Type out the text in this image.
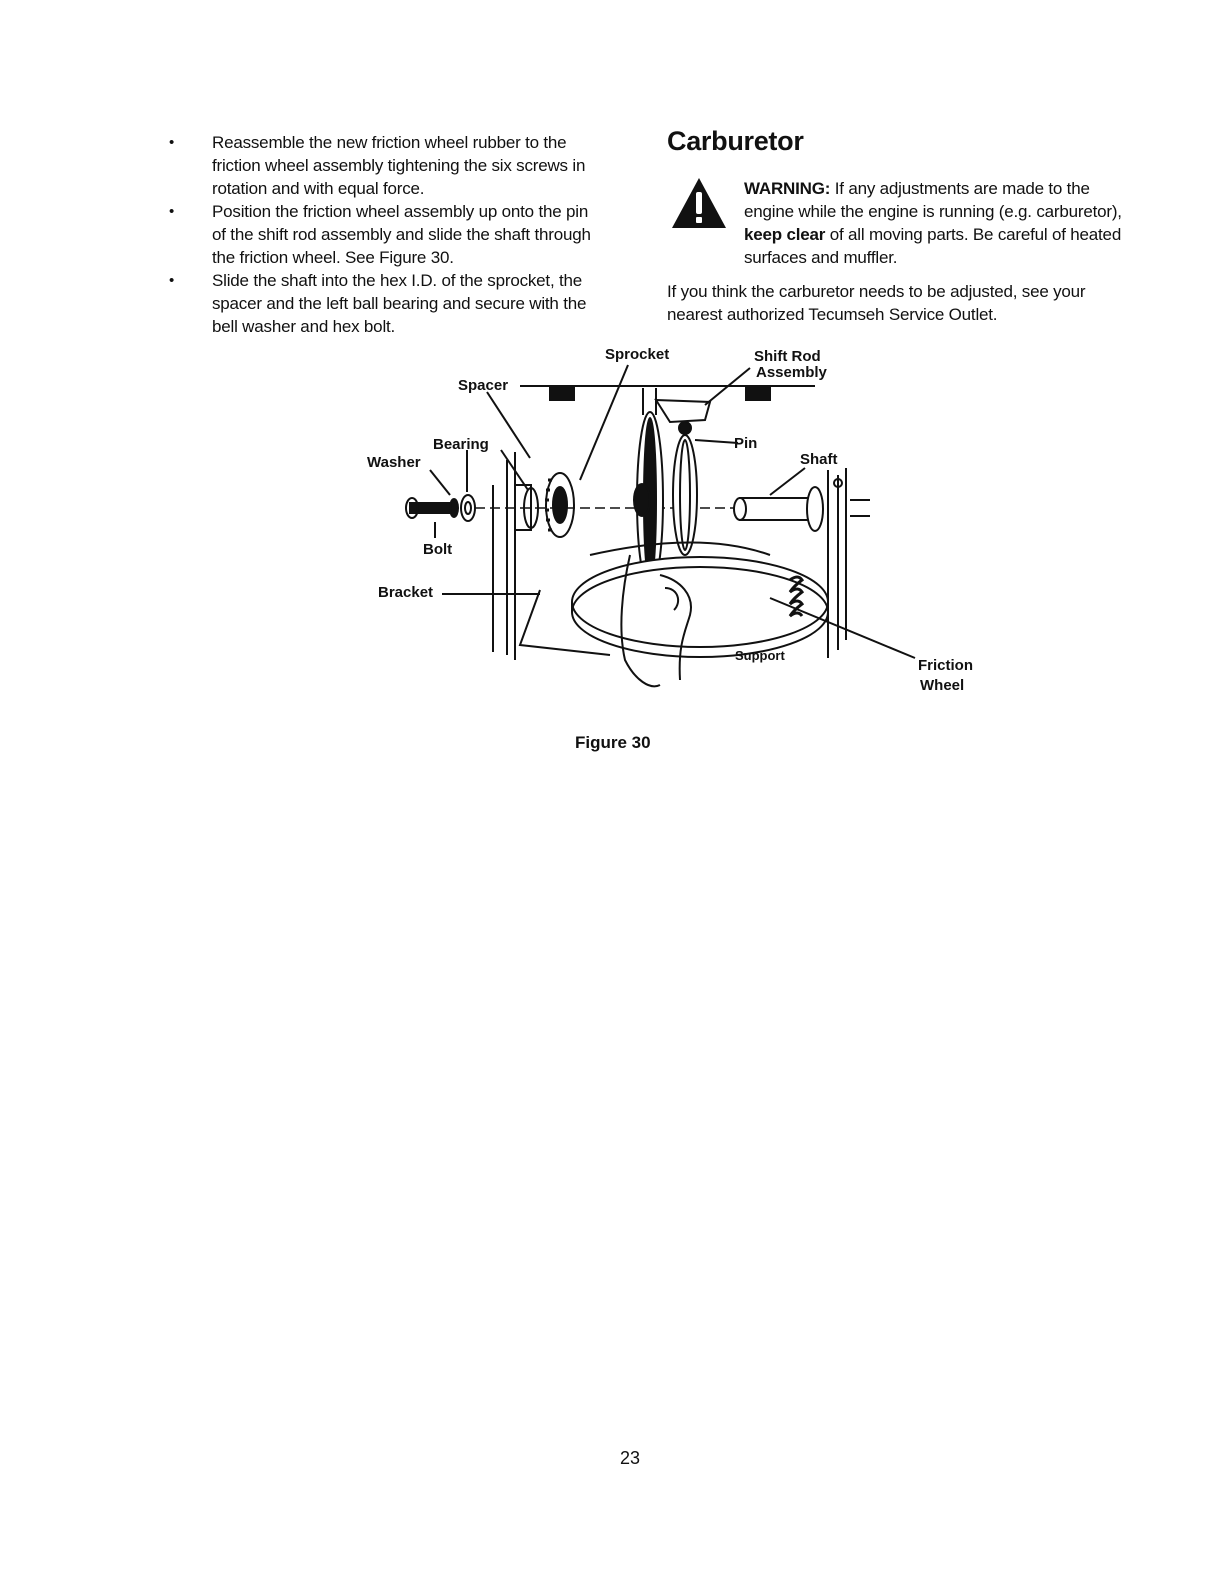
• Reassemble the new friction wheel rubber to the friction wheel assembly tightening the six screws in rotation and with equal force.
• Position the friction wheel assembly up onto the pin of the shift rod assembly and slide the shaft through the friction wheel. See Figure 30.
• Slide the shaft into the hex I.D. of the sprocket, the spacer and the left ball bearing and secure with the bell washer and hex bolt.
Carburetor
WARNING: If any adjustments are made to the engine while the engine is running (e.g. carburetor), keep clear of all moving parts. Be careful of heated surfaces and muffler.
If you think the carburetor needs to be adjusted, see your nearest authorized Tecumseh Service Outlet.
Sprocket	Shift Rod
Assembly
Spacer
Pin
Bearing
Washer	Shaft
Bolt
Bracket
Support
Friction
Wheel
Figure 30
23
